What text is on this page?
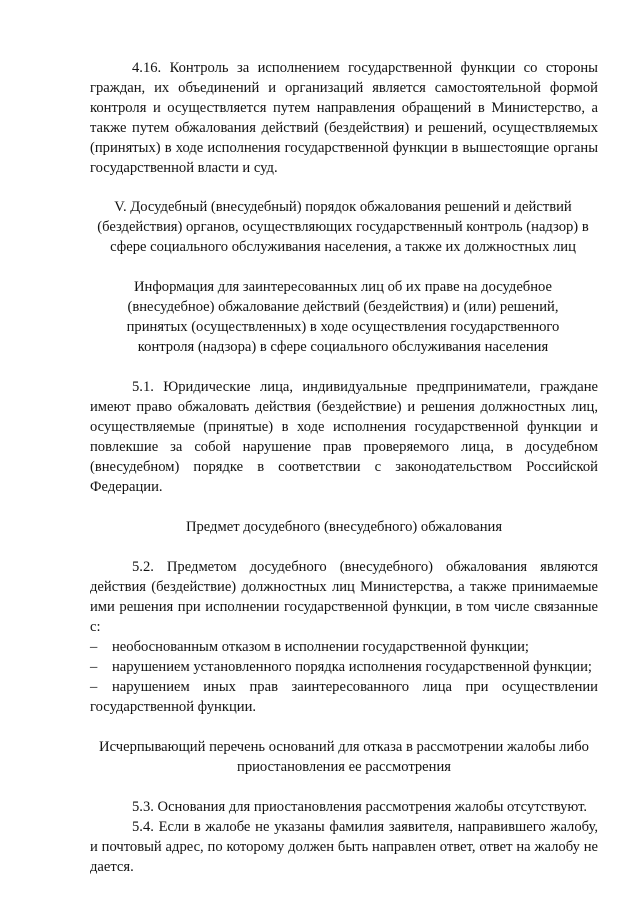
4.16. Контроль за исполнением государственной функции со стороны граждан, их объединений и организаций является самостоятельной формой контроля и осуществляется путем направления обращений в Министерство, а также путем обжалования действий (бездействия) и решений, осуществляемых (принятых) в ходе исполнения государственной функции в вышестоящие органы государственной власти и суд.

V. Досудебный (внесудебный) порядок обжалования решений и действий (бездействия) органов, осуществляющих государственный контроль (надзор) в сфере социального обслуживания населения, а также их должностных лиц

Информация для заинтересованных лиц об их праве на досудебное (внесудебное) обжалование действий (бездействия) и (или) решений, принятых (осуществленных) в ходе осуществления государственного контроля (надзора) в сфере социального обслуживания населения

5.1. Юридические лица, индивидуальные предприниматели, граждане имеют право обжаловать действия (бездействие) и решения должностных лиц, осуществляемые (принятые) в ходе исполнения государственной функции и повлекшие за собой нарушение прав проверяемого лица, в досудебном (внесудебном) порядке в соответствии с законодательством Российской Федерации.

Предмет досудебного (внесудебного) обжалования

5.2. Предметом досудебного (внесудебного) обжалования являются действия (бездействие) должностных лиц Министерства, а также принимаемые ими решения при исполнении государственной функции, в том числе связанные с:

– необоснованным отказом в исполнении государственной функции;

– нарушением установленного порядка исполнения государственной функции;

– нарушением иных прав заинтересованного лица при осуществлении государственной функции.

Исчерпывающий перечень оснований для отказа в рассмотрении жалобы либо приостановления ее рассмотрения

5.3. Основания для приостановления рассмотрения жалобы отсутствуют.

5.4. Если в жалобе не указаны фамилия заявителя, направившего жалобу, и почтовый адрес, по которому должен быть направлен ответ, ответ на жалобу не дается.
